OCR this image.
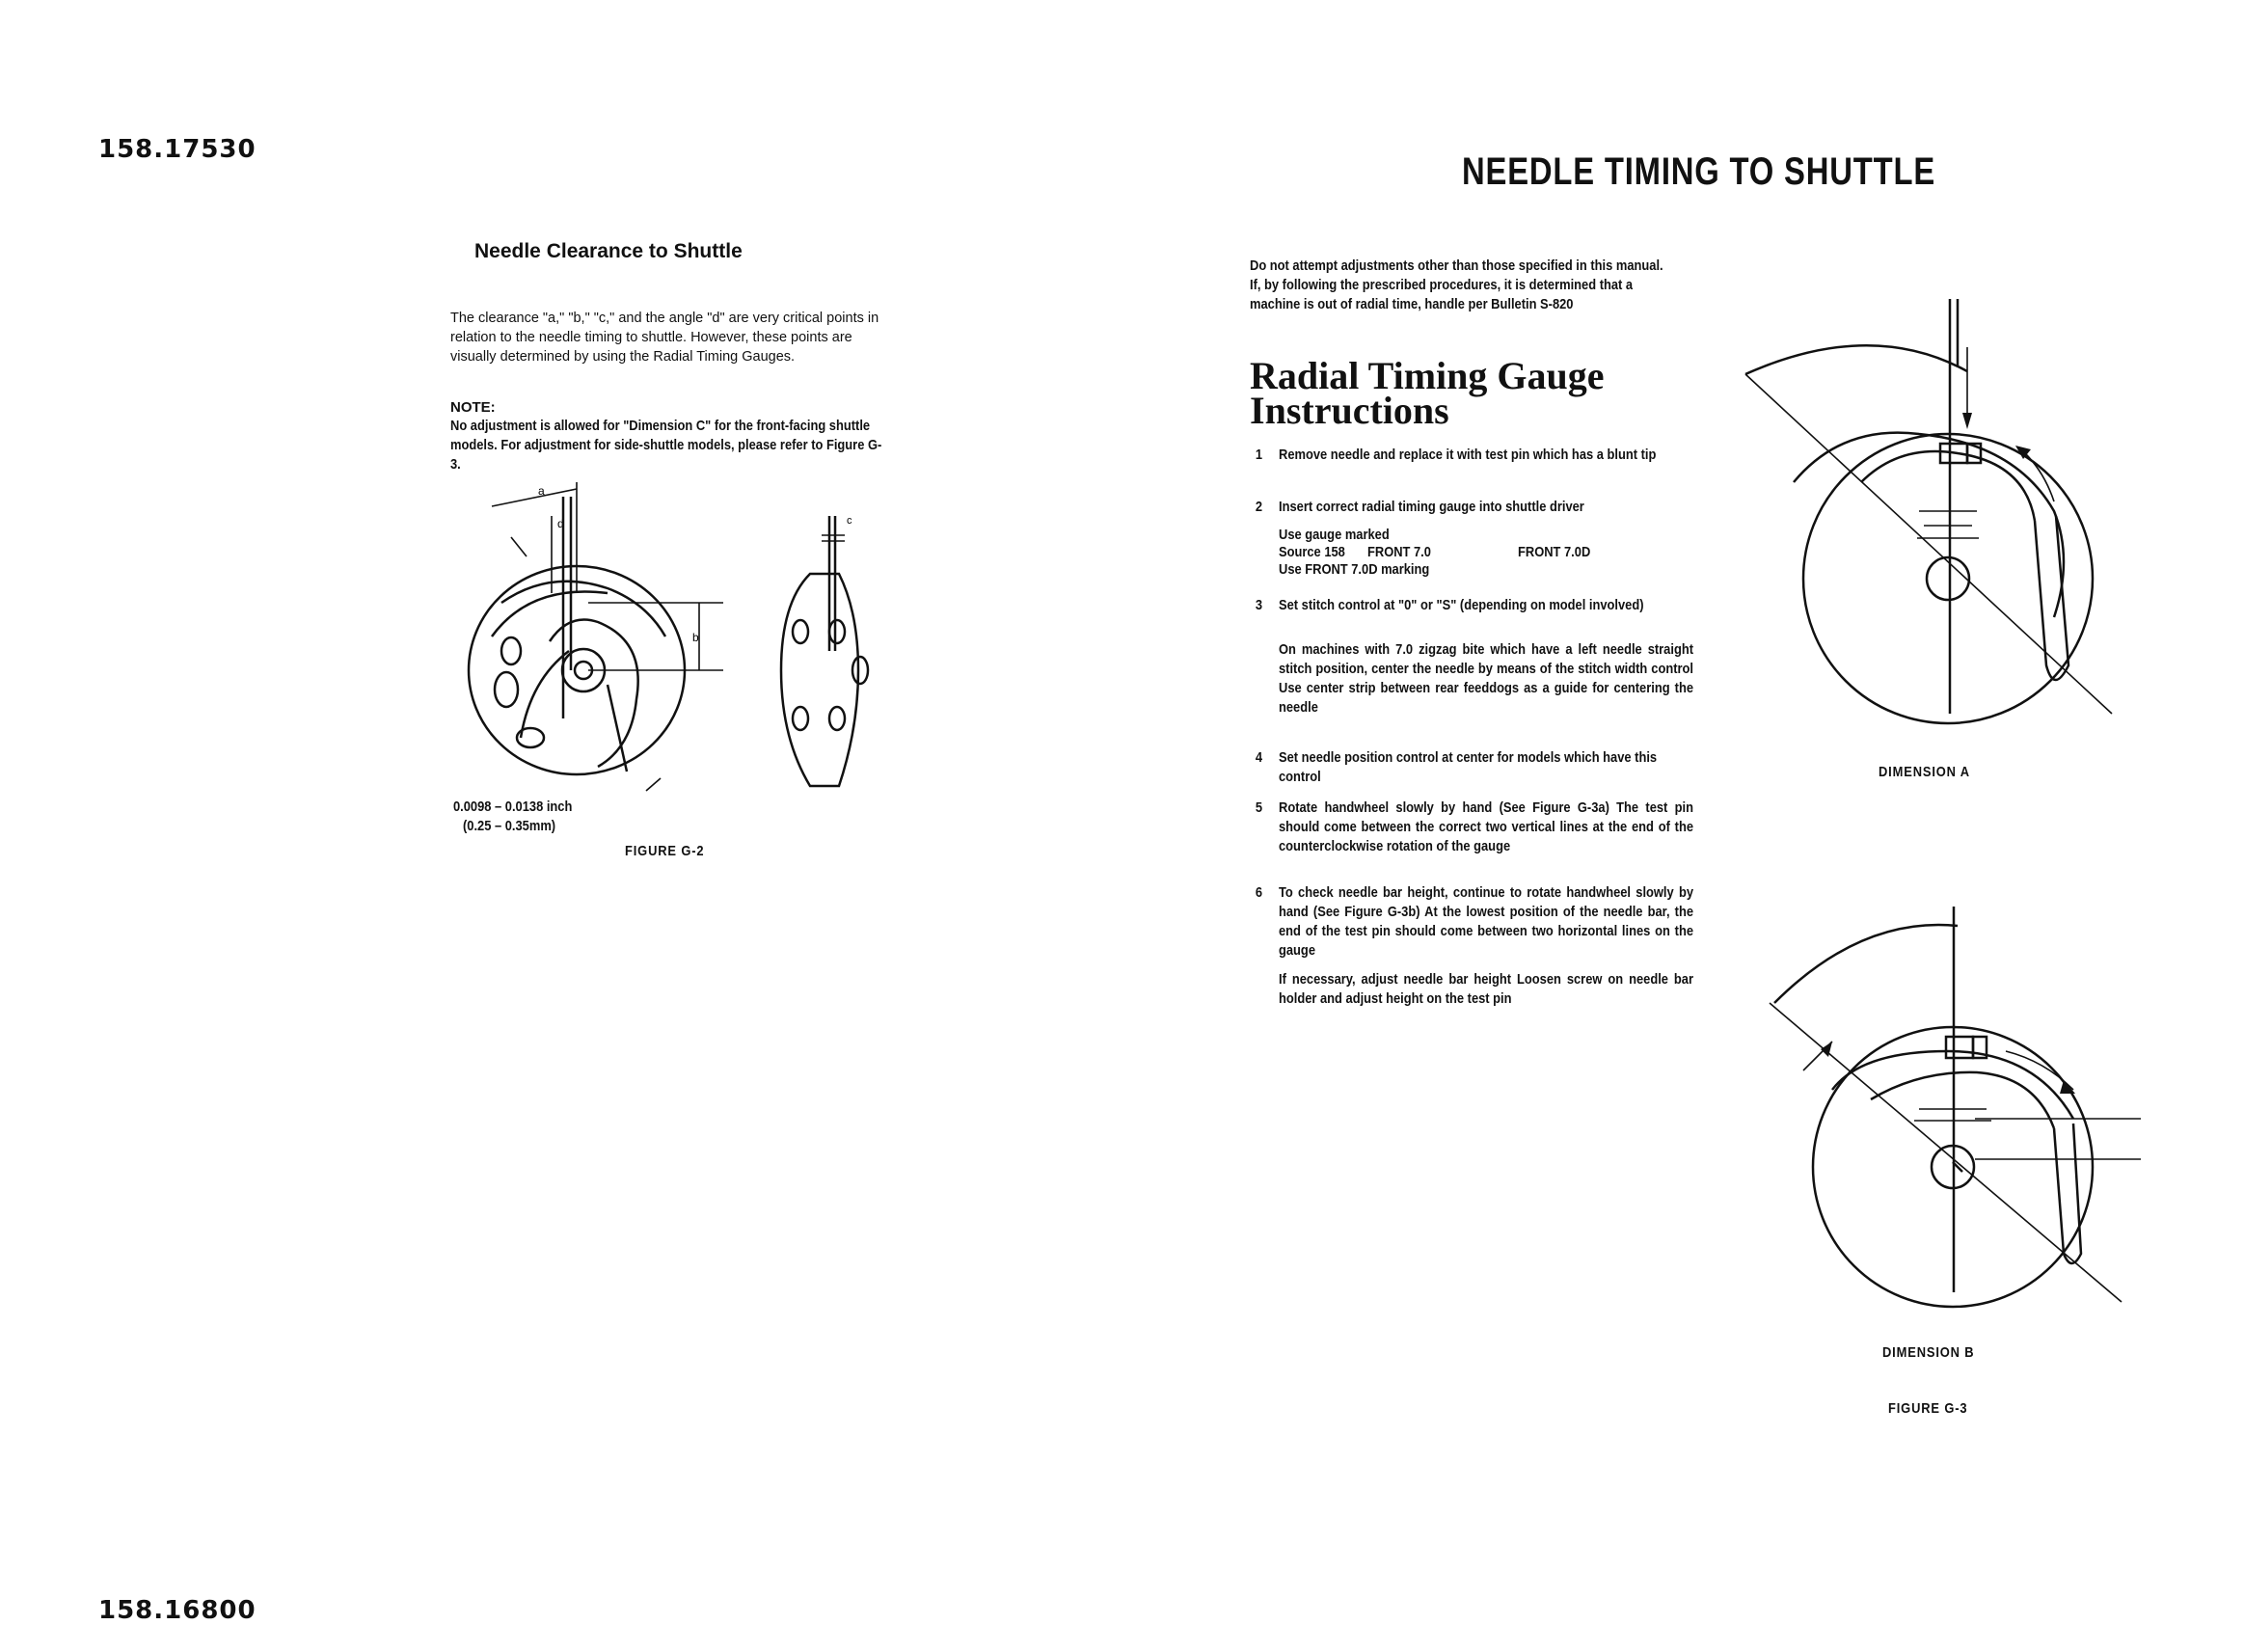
158.17530
158.16800
NEEDLE TIMING TO SHUTTLE
Needle Clearance to Shuttle
The clearance "a," "b," "c," and the angle "d" are very critical points in relation to the needle timing to shuttle. However, these points are visually determined by using the Radial Timing Gauges.
NOTE:
No adjustment is allowed for "Dimension C" for the front-facing shuttle models. For adjustment for side-shuttle models, please refer to Figure G-3.
a
d
b
c
0.0098 – 0.0138 inch
(0.25 – 0.35mm)
FIGURE G-2
Do not attempt adjustments other than those specified in this manual. If, by following the prescribed procedures, it is determined that a machine is out of radial time, handle per Bulletin S-820
Radial Timing Gauge
Instructions
1 Remove needle and replace it with test pin which has a blunt tip
2 Insert correct radial timing gauge into shuttle driver
Use gauge marked
Source 158 FRONT 7.0	FRONT 7.0D
Use FRONT 7.0D marking
3 Set stitch control at "0" or "S" (depending on model involved)
On machines with 7.0 zigzag bite which have a left needle straight stitch position, center the needle by means of the stitch width control Use center strip between rear feeddogs as a guide for centering the needle
4 Set needle position control at center for models which have this control
5 Rotate handwheel slowly by hand (See Figure G-3a) The test pin should come between the correct two vertical lines at the end of the counterclockwise rotation of the gauge
6 To check needle bar height, continue to rotate handwheel slowly by hand (See Figure G-3b) At the lowest position of the needle bar, the end of the test pin should come between two horizontal lines on the gauge
If necessary, adjust needle bar height Loosen screw on needle bar holder and adjust height on the test pin
DIMENSION A
DIMENSION B
FIGURE G-3
